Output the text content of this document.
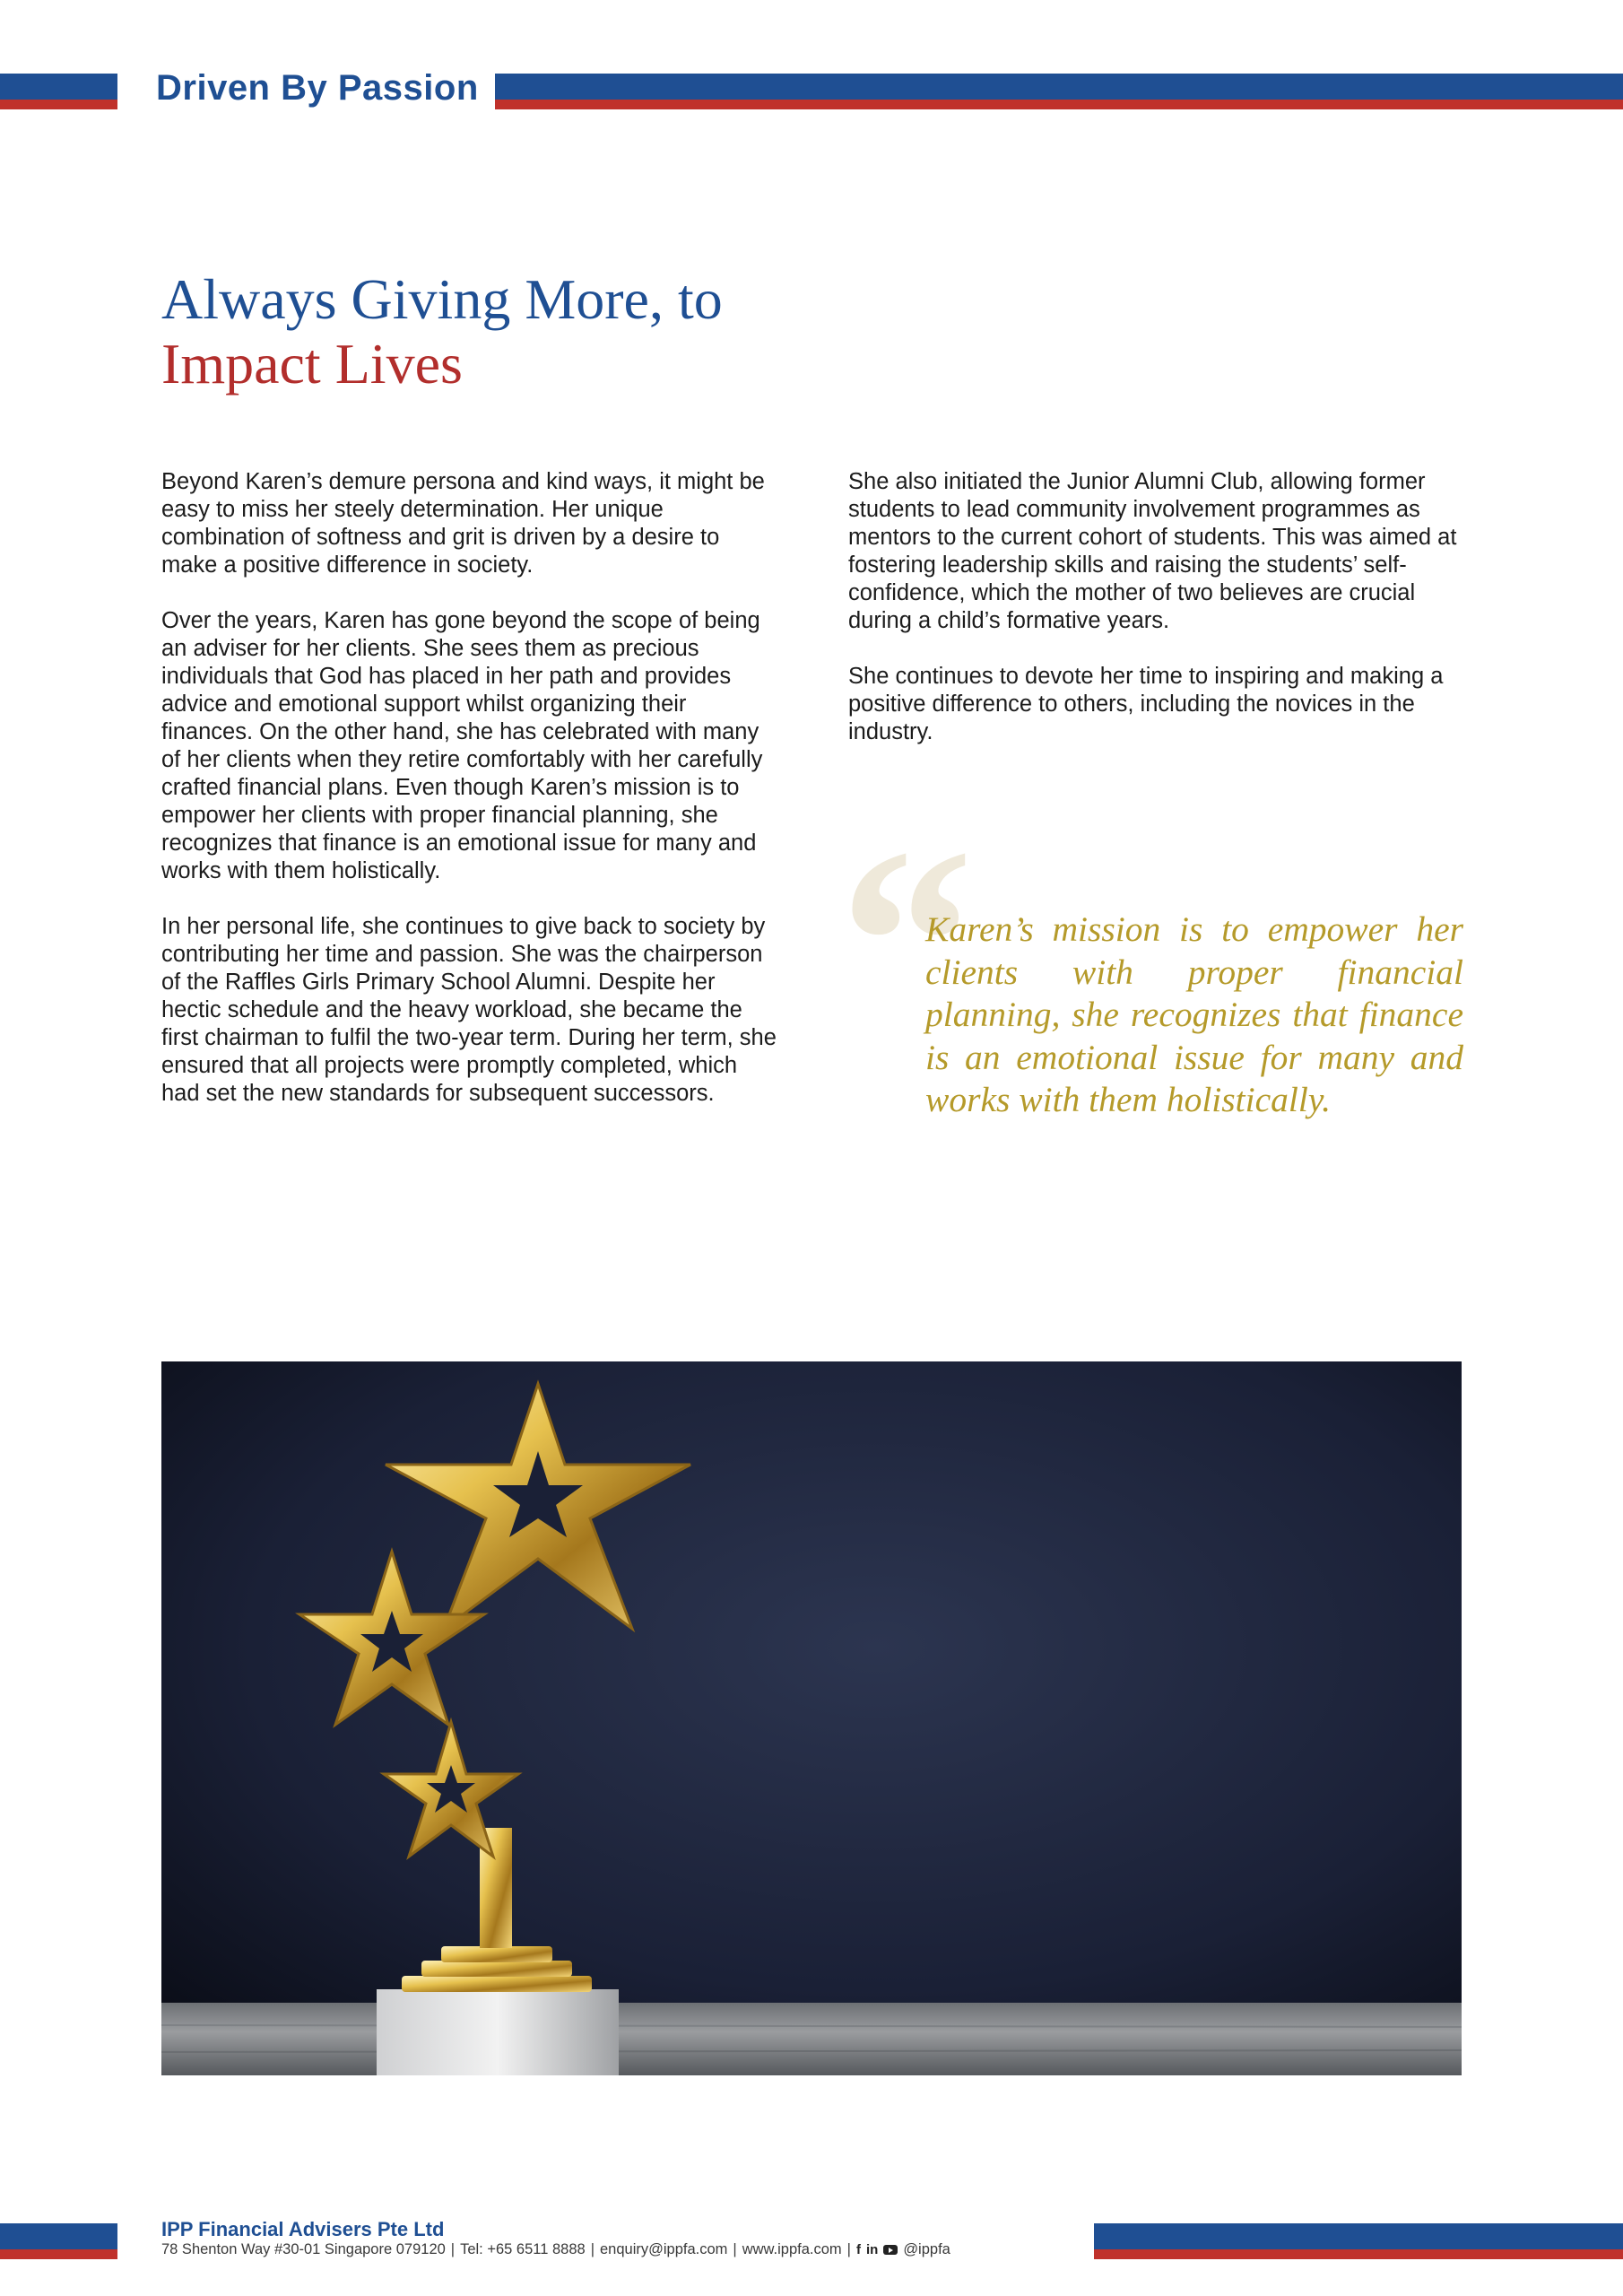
Driven By Passion
Always Giving More, to
Impact Lives

Beyond Karen’s demure persona and kind ways, it might be easy to miss her steely determination. Her unique combination of softness and grit is driven by a desire to make a positive difference in society.

Over the years, Karen has gone beyond the scope of being an adviser for her clients. She sees them as precious individuals that God has placed in her path and provides advice and emotional support whilst organizing their finances. On the other hand, she has celebrated with many of her clients when they retire comfortably with her carefully crafted financial plans. Even though Karen’s mission is to empower her clients with proper financial planning, she recognizes that finance is an emotional issue for many and works with them holistically.

In her personal life, she continues to give back to society by contributing her time and passion. She was the chairperson of the Raffles Girls Primary School Alumni. Despite her hectic schedule and the heavy workload, she became the first chairman to fulfil the two-year term. During her term, she ensured that all projects were promptly completed, which had set the new standards for subsequent successors.

She also initiated the Junior Alumni Club, allowing former students to lead community involvement programmes as mentors to the current cohort of students. This was aimed at fostering leadership skills and raising the students’ self-confidence, which the mother of two believes are crucial during a child’s formative years.

She continues to devote her time to inspiring and making a positive difference to others, including the novices in the industry.

“
Karen’s mission is to empower her clients with proper financial planning, she recognizes that finance is an emotional issue for many and works with them holistically.
IPP Financial Advisers Pte Ltd
78 Shenton Way #30-01 Singapore 079120 | Tel: +65 6511 8888 | enquiry@ippfa.com | www.ippfa.com | f in @ippfa
